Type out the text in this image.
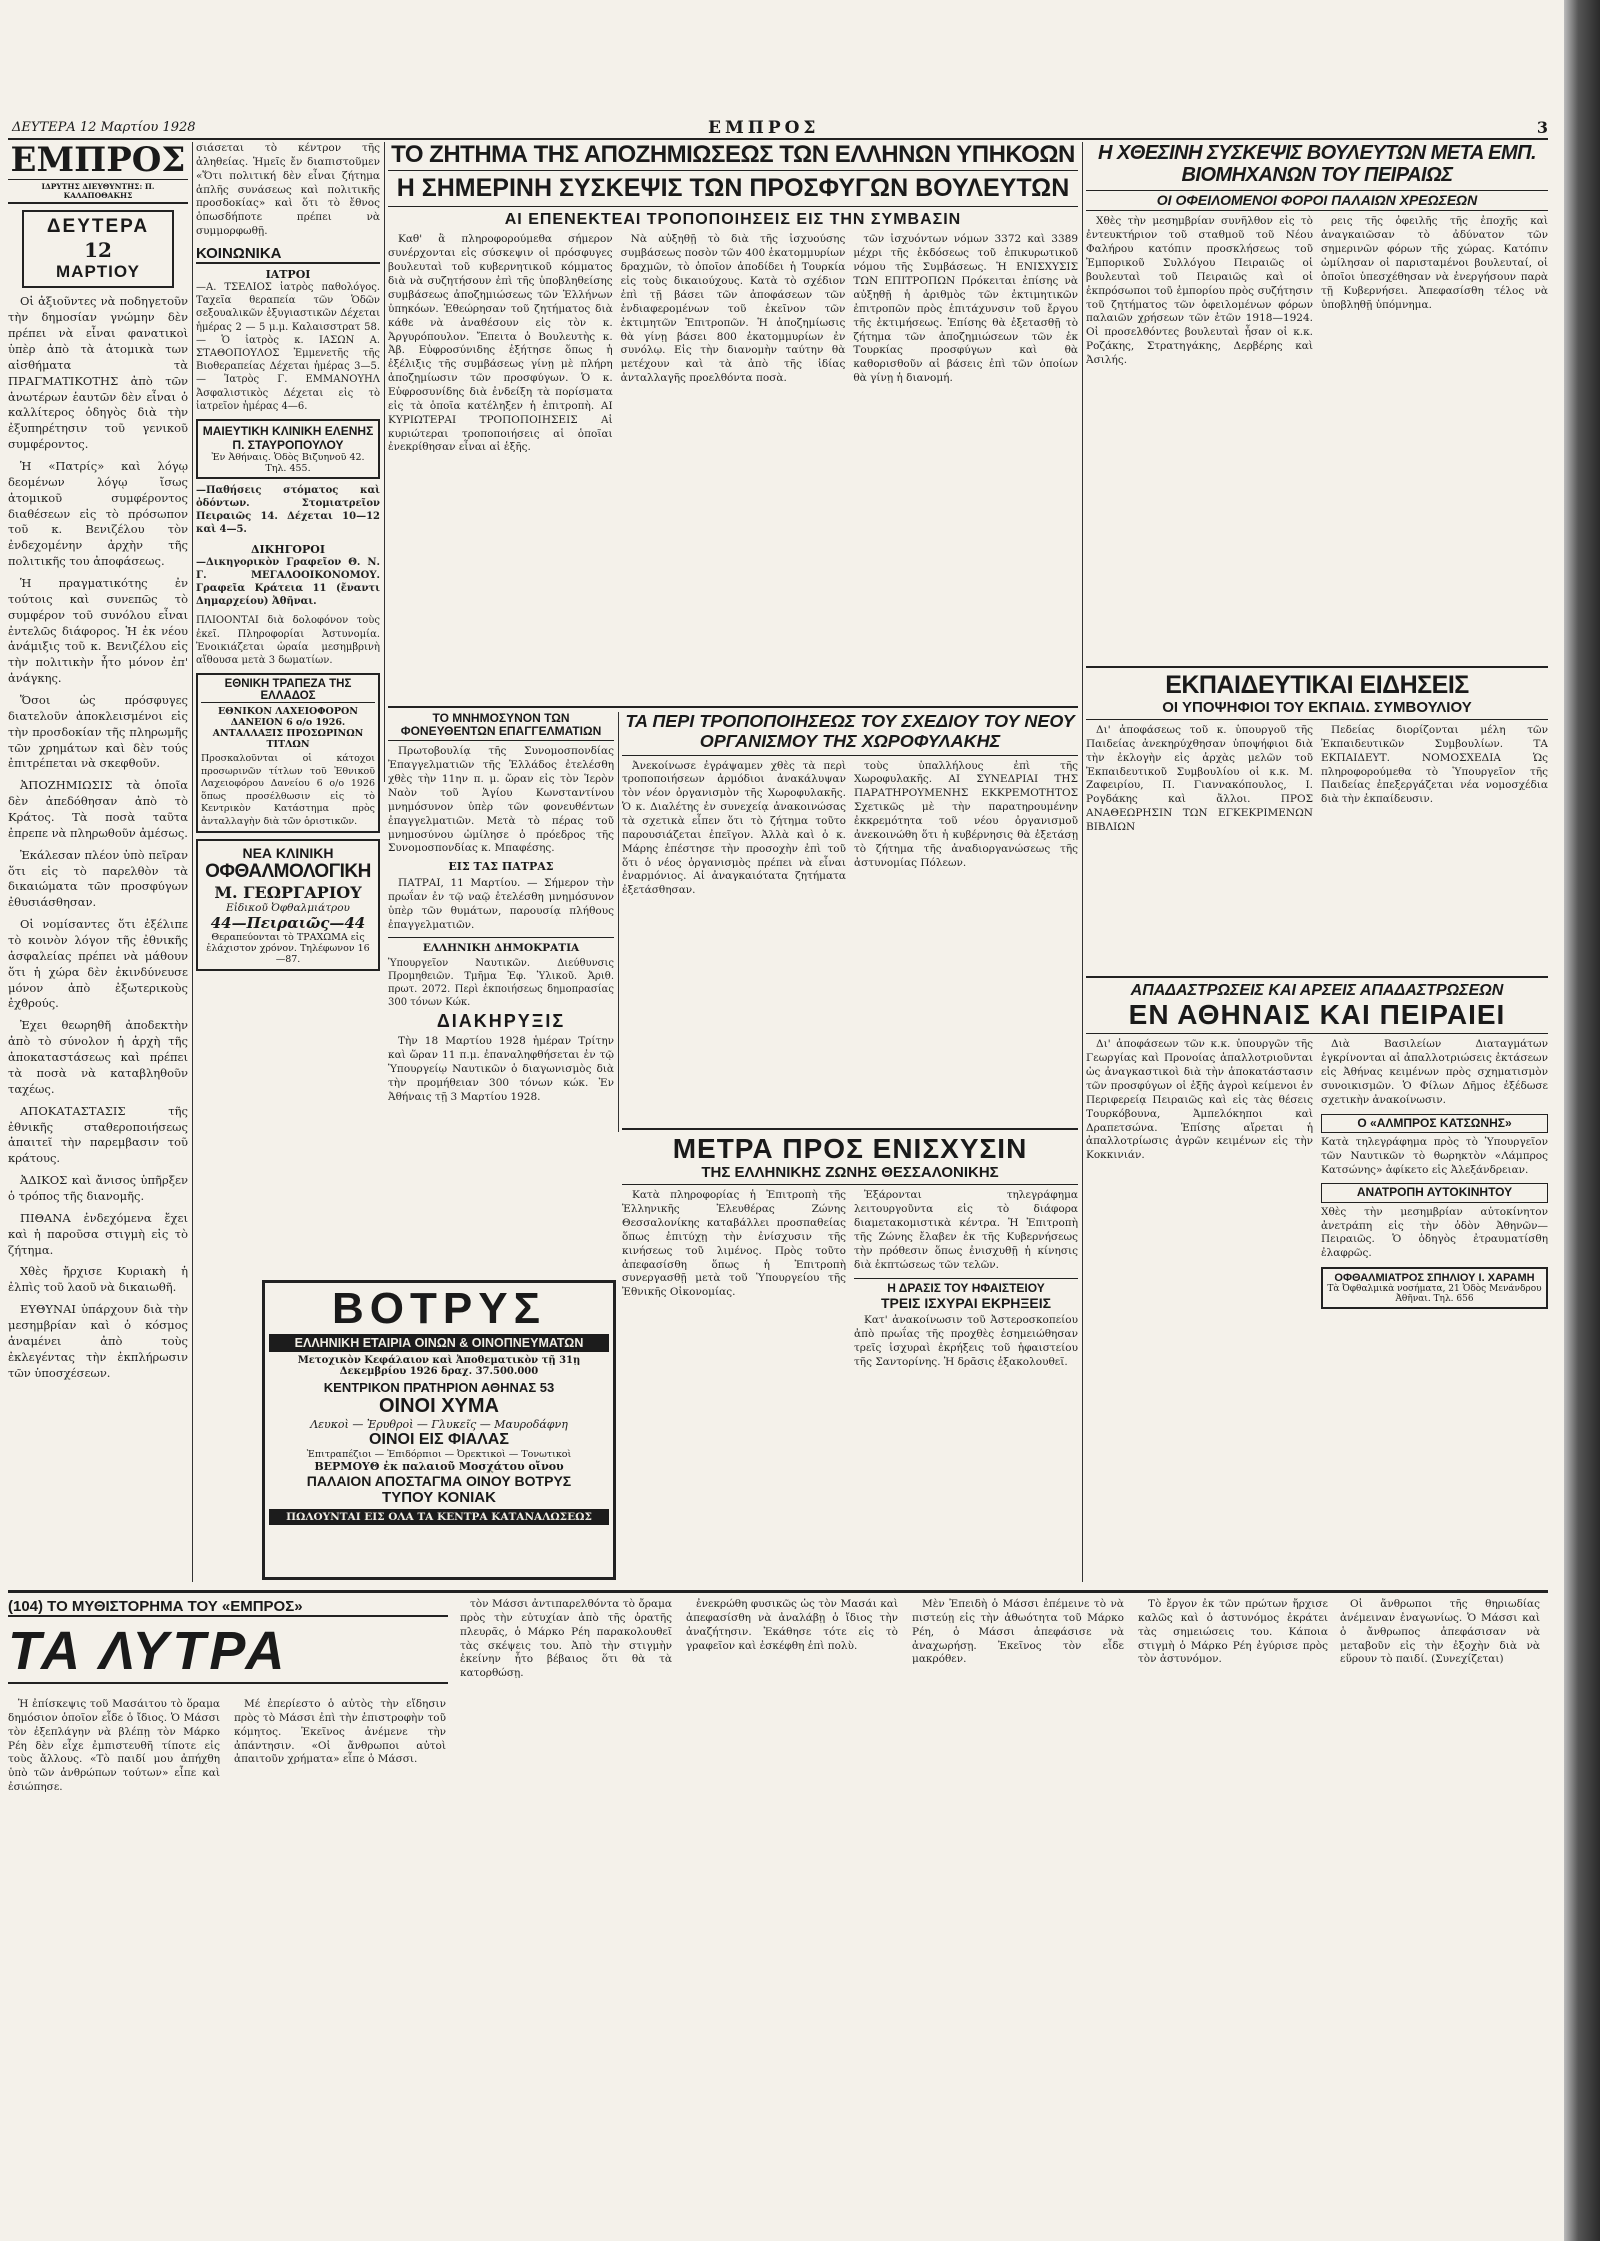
ΔΕΥΤΕΡΑ 12 Μαρτίου 1928	ΕΜΠΡΟΣ	3
ΕΜΠΡΟΣ
ΙΔΡΥΤΗΣ ΔΙΕΥΘΥΝΤΗΣ: Π. ΚΑΛΑΠΟΘΑΚΗΣ
ΔΕΥΤΕΡΑ
12
ΜΑΡΤΙΟΥ

Οἱ ἀξιοῦντες νὰ ποδηγετοῦν τὴν δημοσίαν γνώμην δὲν πρέπει νὰ εἶναι φανατικοὶ ὑπὲρ ἀπὸ τὰ ἀτομικὰ των αἰσθήματα τὰ ΠΡΑΓΜΑΤΙΚΟΤΗΣ ἀπὸ τῶν ἀνωτέρων ἑαυτῶν δὲν εἶναι ὁ καλλίτερος ὁδηγὸς διὰ τὴν ἐξυπηρέτησιν τοῦ γενικοῦ συμφέροντος.

Ἡ «Πατρίς» καὶ λόγῳ δεομένων λόγῳ ἴσως ἀτομικοῦ συμφέροντος διαθέσεων εἰς τὸ πρόσωπον τοῦ κ. Βενιζέλου τὸν ἐνδεχομένην ἀρχὴν τῆς πολιτικῆς του ἀποφάσεως.

Ἡ πραγματικότης ἐν τούτοις καὶ συνεπῶς τὸ συμφέρον τοῦ συνόλου εἶναι ἐντελῶς διάφορος. Ἡ ἐκ νέου ἀνάμιξις τοῦ κ. Βενιζέλου εἰς τὴν πολιτικὴν ἦτο μόνον ἐπ' ἀνάγκης.

Ὅσοι ὡς πρόσφυγες διατελοῦν ἀποκλεισμένοι εἰς τὴν προσδοκίαν τῆς πληρωμῆς τῶν χρημάτων καὶ δὲν τούς ἐπιτρέπεται νὰ σκεφθοῦν.

ἈΠΟΖΗΜΙΩΣΙΣ τὰ ὁποῖα δὲν ἀπεδόθησαν ἀπὸ τὸ Κράτος. Τὰ ποσὰ ταῦτα ἐπρεπε νὰ πληρωθοῦν ἀμέσως.

Ἐκάλεσαν πλέον ὑπὸ πεῖραν ὅτι εἰς τὸ παρελθὸν τὰ δικαιώματα τῶν προσφύγων ἐθυσιάσθησαν.

Οἱ νομίσαντες ὅτι ἐξέλιπε τὸ κοινὸν λόγον τῆς ἐθνικῆς ἀσφαλείας πρέπει νὰ μάθουν ὅτι ἡ χώρα δὲν ἐκινδύνευσε μόνον ἀπὸ ἐξωτερικοὺς ἐχθρούς.

Ἐχει θεωρηθῆ ἀποδεκτὴν ἀπὸ τὸ σύνολον ἡ ἀρχὴ τῆς ἀποκαταστάσεως καὶ πρέπει τὰ ποσὰ νὰ καταβληθοῦν ταχέως.

ΑΠΟΚΑΤΑΣΤΑΣΙΣ τῆς ἐθνικῆς σταθεροποιήσεως ἀπαιτεῖ τὴν παρεμβασιν τοῦ κράτους.

ἈΔΙΚΟΣ καὶ ἄνισος ὑπῆρξεν ὁ τρόπος τῆς διανομῆς.

ΠΙΘΑΝΑ ἐνδεχόμενα ἔχει καὶ ἡ παροῦσα στιγμὴ εἰς τὸ ζήτημα.

Χθὲς ἤρχισε Κυριακὴ ἡ ἐλπὶς τοῦ λαοῦ νὰ δικαιωθῆ.

ΕΥΘΥΝΑΙ ὑπάρχουν διὰ τὴν μεσημβρίαν καὶ ὁ κόσμος ἀναμένει ἀπὸ τοὺς ἐκλεγέντας τὴν ἐκπλήρωσιν τῶν ὑποσχέσεων.

σιάσεται τὸ κέντρον τῆς ἀληθείας. Ἡμεῖς ἔν διαπιστοῦμεν «Ὅτι πολιτική δὲν εἶναι ζήτημα ἁπλῆς συνάσεως καὶ πολιτικῆς προσδοκίας» καὶ ὅτι τὸ ἔθνος ὁπωσδήποτε πρέπει νὰ συμμορφωθῇ.

ΚΟΙΝΩΝΙΚΑ
ΙΑΤΡΟΙ

—Α. ΤΣΕΛΙΟΣ ἰατρὸς παθολόγος. Ταχεῖα θεραπεία τῶν Ὁδῶν σεξουαλικῶν ἐξυγιαστικῶν Δέχεται ἡμέρας 2 — 5 μ.μ. Καλαισστρατ 58. — Ὁ ἰατρὸς κ. ΙΑΣΩΝ Α. ΣΤΑΘΟΠΟΥΛΟΣ Ἐμμενετῆς τῆς Βιοθεραπείας Δέχεται ἡμέρας 3—5. — Ἰατρὸς Γ. ΕΜΜΑΝΟΥΗΛ Ἀσφαλιστικὸς Δέχεται εἰς τὸ ἰατρεῖον ἡμέρας 4—6.

ΜΑΙΕΥΤΙΚΗ ΚΛΙΝΙΚΗ ΕΛΕΝΗΣ Π. ΣΤΑΥΡΟΠΟΥΛΟΥ
Ἐν Ἀθήναις. Ὁδὸς Βιζυηνοῦ 42. Τηλ. 455.

—Παθήσεις στόματος καὶ ὀδόντων. Στομιατρεῖον Πειραιῶς 14. Δέχεται 10—12 καὶ 4—5.

ΔΙΚΗΓΟΡΟΙ

—Δικηγορικὸν Γραφεῖον Θ. Ν. Γ. ΜΕΓΑΛΟΟΙΚΟΝΟΜΟΥ. Γραφεῖα Κράτεια 11 (ἔναντι Δημαρχείου) Ἀθῆναι.

ΠΛΙΟΟΝΤΑΙ διὰ δολοφόνον τοὺς ἐκεῖ. Πληροφορίαι Ἀστυνομία. Ἐνοικιάζεται ὡραία μεσημβρινὴ αἴθουσα μετὰ 3 δωματίων.

ΕΘΝΙΚΗ ΤΡΑΠΕΖΑ ΤΗΣ ΕΛΛΑΔΟΣ
ΕΘΝΙΚΟΝ ΛΑΧΕΙΟΦΟΡΟΝ ΔΑΝΕΙΟΝ 6 ο/ο 1926. ΑΝΤΑΛΛΑΞΙΣ ΠΡΟΣΩΡΙΝΩΝ ΤΙΤΛΩΝ

Προσκαλοῦνται οἱ κάτοχοι προσωρινῶν τίτλων τοῦ Ἐθνικοῦ Λαχειοφόρου Δανείου 6 ο/ο 1926 ὅπως προσέλθωσιν εἰς τὸ Κεντρικὸν Κατάστημα πρὸς ἀνταλλαγὴν διὰ τῶν ὁριστικῶν.

ΝΕΑ ΚΛΙΝΙΚΗ
ΟΦΘΑΛΜΟΛΟΓΙΚΗ
Μ. ΓΕΩΡΓΑΡΙΟΥ
Εἰδικοῦ Ὀφθαλμιάτρου
44—Πειραιῶς—44
Θεραπεύονται τὸ ΤΡΑΧΩΜΑ εἰς ἐλάχιστον χρόνον. Τηλέφωνον 16—87.
ΤΟ ΖΗΤΗΜΑ ΤΗΣ ΑΠΟΖΗΜΙΩΣΕΩΣ ΤΩΝ ΕΛΛΗΝΩΝ ΥΠΗΚΟΩΝ
Η ΣΗΜΕΡΙΝΗ ΣΥΣΚΕΨΙΣ ΤΩΝ ΠΡΟΣΦΥΓΩΝ ΒΟΥΛΕΥΤΩΝ
ΑΙ ΕΠΕΝΕΚΤΕΑΙ ΤΡΟΠΟΠΟΙΗΣΕΙΣ ΕΙΣ ΤΗΝ ΣΥΜΒΑΣΙΝ

Καθ' ἃ πληροφορούμεθα σήμερον συνέρχονται εἰς σύσκεψιν οἱ πρόσφυγες βουλευταὶ τοῦ κυβερνητικοῦ κόμματος διὰ νὰ συζητήσουν ἐπὶ τῆς ὑποβληθείσης συμβάσεως ἀποζημιώσεως τῶν Ἑλλήνων ὑπηκόων. Ἐθεώρησαν τοῦ ζητήματος διὰ κάθε νὰ ἀναθέσουν εἰς τὸν κ. Ἀργυρόπουλον. Ἔπειτα ὁ Βουλευτὴς κ. Ἀβ. Εὐφροσύνιδης ἐξήτησε ὅπως ἡ ἐξέλιξις τῆς συμβάσεως γίνῃ μὲ πλήρη ἀποζημίωσιν τῶν προσφύγων. Ὁ κ. Εὐφροσυνίδης διὰ ἐνδείξη τὰ πορίσματα εἰς τὰ ὁποῖα κατέληξεν ἡ ἐπιτροπὴ. ΑΙ ΚΥΡΙΩΤΕΡΑΙ ΤΡΟΠΟΠΟΙΗΣΕΙΣ Αἱ κυριώτεραι τροποποιήσεις αἱ ὁποῖαι ἐνεκρίθησαν εἶναι αἱ ἑξῆς.

Νὰ αὐξηθῇ τὸ διὰ τῆς ἰσχυούσης συμβάσεως ποσὸν τῶν 400 ἑκατομμυρίων δραχμῶν, τὸ ὁποῖον ἀποδίδει ἡ Τουρκία εἰς τοὺς δικαιούχους. Κατὰ τὸ σχέδιον ἐπὶ τῇ βάσει τῶν ἀποφάσεων τῶν ἐνδιαφερομένων τοῦ ἐκεῖνον τῶν ἐκτιμητῶν Ἐπιτροπῶν. Ἡ ἀποζημίωσις θὰ γίνῃ βάσει 800 ἑκατομμυρίων ἐν συνόλῳ. Εἰς τὴν διανομὴν ταύτην θὰ μετέχουν καὶ τὰ ἀπὸ τῆς ἰδίας ἀνταλλαγῆς προελθόντα ποσὰ.

τῶν ἰσχυόντων νόμων 3372 καὶ 3389 μέχρι τῆς ἐκδόσεως τοῦ ἐπικυρωτικοῦ νόμου τῆς Συμβάσεως. Ἡ ΕΝΙΣΧΥΣΙΣ ΤΩΝ ΕΠΙΤΡΟΠΩΝ Πρόκειται ἐπίσης νὰ αὐξηθῇ ἡ ἀριθμὸς τῶν ἐκτιμητικῶν ἐπιτροπῶν πρὸς ἐπιτάχυνσιν τοῦ ἔργου τῆς ἐκτιμήσεως. Ἐπίσης θὰ ἐξετασθῇ τὸ ζήτημα τῶν ἀποζημιώσεων τῶν ἐκ Τουρκίας προσφύγων καὶ θὰ καθορισθοῦν αἱ βάσεις ἐπὶ τῶν ὁποίων θὰ γίνῃ ἡ διανομή.

Η ΧΘΕΣΙΝΗ ΣΥΣΚΕΨΙΣ ΒΟΥΛΕΥΤΩΝ ΜΕΤΑ ΕΜΠ. ΒΙΟΜΗΧΑΝΩΝ ΤΟΥ ΠΕΙΡΑΙΩΣ
ΟΙ ΟΦΕΙΛΟΜΕΝΟΙ ΦΟΡΟΙ ΠΑΛΑΙΩΝ ΧΡΕΩΣΕΩΝ

Χθὲς τὴν μεσημβρίαν συνῆλθον εἰς τὸ ἐντευκτήριον τοῦ σταθμοῦ τοῦ Νέου Φαλήρου κατόπιν προσκλήσεως τοῦ Ἐμπορικοῦ Συλλόγου Πειραιῶς οἱ βουλευταὶ τοῦ Πειραιῶς καὶ οἱ ἐκπρόσωποι τοῦ ἐμπορίου πρὸς συζήτησιν τοῦ ζητήματος τῶν ὀφειλομένων φόρων παλαιῶν χρήσεων τῶν ἐτῶν 1918—1924. Οἱ προσελθόντες βουλευταὶ ἦσαν οἱ κ.κ. Ροζάκης, Στρατηγάκης, Δερβέρης καὶ Ἀσιλής.

ρεις τῆς ὀφειλῆς τῆς ἐποχῆς καὶ ἀναγκαιῶσαν τὸ ἀδύνατον τῶν σημερινῶν φόρων τῆς χώρας. Κατόπιν ὡμίλησαν οἱ παρισταμένοι βουλευταί, οἱ ὁποῖοι ὑπεσχέθησαν νὰ ἐνεργήσουν παρὰ τῇ Κυβερνήσει. Ἀπεφασίσθη τέλος νὰ ὑποβληθῇ ὑπόμνημα.

ΕΚΠΑΙΔΕΥΤΙΚΑΙ ΕΙΔΗΣΕΙΣ
ΟΙ ΥΠΟΨΗΦΙΟΙ ΤΟΥ ΕΚΠΑΙΔ. ΣΥΜΒΟΥΛΙΟΥ

Δι' ἀποφάσεως τοῦ κ. ὑπουργοῦ τῆς Παιδείας ἀνεκηρύχθησαν ὑποψήφιοι διὰ τὴν ἐκλογὴν εἰς ἀρχὰς μελῶν τοῦ Ἐκπαιδευτικοῦ Συμβουλίου οἱ κ.κ. Μ. Ζαφειρίου, Π. Γιαννακόπουλος, Ι. Ρογδάκης καὶ ἄλλοι. ΠΡΟΣ ΑΝΑΘΕΩΡΗΣΙΝ ΤΩΝ ΕΓΚΕΚΡΙΜΕΝΩΝ ΒΙΒΛΙΩΝ

Πεδείας διορίζονται μέλη τῶν Ἐκπαιδευτικῶν Συμβουλίων. ΤΑ ΕΚΠΑΙΔΕΥΤ. ΝΟΜΟΣΧΕΔΙΑ Ὡς πληροφορούμεθα τὸ Ὑπουργεῖον τῆς Παιδείας ἐπεξεργάζεται νέα νομοσχέδια διὰ τὴν ἐκπαίδευσιν.

ΑΠΑΔΑΣΤΡΩΣΕΙΣ ΚΑΙ ΑΡΣΕΙΣ ΑΠΑΔΑΣΤΡΩΣΕΩΝ
ΕΝ ΑΘΗΝΑΙΣ ΚΑΙ ΠΕΙΡΑΙΕΙ

Δι' ἀποφάσεων τῶν κ.κ. ὑπουργῶν τῆς Γεωργίας καὶ Προνοίας ἀπαλλοτριοῦνται ὡς ἀναγκαστικοὶ διὰ τὴν ἀποκατάστασιν τῶν προσφύγων οἱ ἑξῆς ἀγροὶ κείμενοι ἐν Περιφερείᾳ Πειραιῶς καὶ εἰς τὰς θέσεις Τουρκόβουνα, Ἀμπελόκηποι καὶ Δραπετσώνα. Ἐπίσης αἴρεται ἡ ἀπαλλοτρίωσις ἀγρῶν κειμένων εἰς τὴν Κοκκινιάν.

Διὰ Βασιλείων Διαταγμάτων ἐγκρίνονται αἱ ἀπαλλοτριώσεις ἐκτάσεων εἰς Ἀθήνας κειμένων πρὸς σχηματισμὸν συνοικισμῶν. Ὁ Φίλων Δῆμος ἐξέδωσε σχετικὴν ἀνακοίνωσιν.

Ο «ΑΛΜΠΡΟΣ ΚΑΤΣΩΝΗΣ»

Κατὰ τηλεγράφημα πρὸς τὸ Ὑπουργεῖον τῶν Ναυτικῶν τὸ θωρηκτὸν «Λάμπρος Κατσώνης» ἀφίκετο εἰς Ἀλεξάνδρειαν.

ΑΝΑΤΡΟΠΗ ΑΥΤΟΚΙΝΗΤΟΥ

Χθὲς τὴν μεσημβρίαν αὐτοκίνητον ἀνετράπη εἰς τὴν ὁδὸν Ἀθηνῶν—Πειραιῶς. Ὁ ὁδηγὸς ἐτραυματίσθη ἐλαφρῶς.

ΟΦΘΑΛΜΙΑΤΡΟΣ ΣΠΗΛΙΟΥ Ι. ΧΑΡΑΜΗ
Τὰ Ὀφθαλμικὰ νοσήματα, 21 Ὁδὸς Μενάνδρου Ἀθῆναι. Τηλ. 656
ΤΟ ΜΝΗΜΟΣΥΝΟΝ ΤΩΝ ΦΟΝΕΥΘΕΝΤΩΝ ΕΠΑΓΓΕΛΜΑΤΙΩΝ

Πρωτοβουλίᾳ τῆς Συνομοσπονδίας Ἐπαγγελματιῶν τῆς Ἑλλάδος ἐτελέσθη χθὲς τὴν 11ην π. μ. ὥραν εἰς τὸν Ἱερὸν Ναὸν τοῦ Ἁγίου Κωνσταντίνου μνημόσυνον ὑπὲρ τῶν φονευθέντων ἐπαγγελματιῶν. Μετὰ τὸ πέρας τοῦ μνημοσύνου ὡμίλησε ὁ πρόεδρος τῆς Συνομοσπονδίας κ. Μπαφέσης.

ΕΙΣ ΤΑΣ ΠΑΤΡΑΣ

ΠΑΤΡΑΙ, 11 Μαρτίου. — Σήμερον τὴν πρωΐαν ἐν τῷ ναῷ ἐτελέσθη μνημόσυνον ὑπὲρ τῶν θυμάτων, παρουσίᾳ πλήθους ἐπαγγελματιῶν.

ΕΛΛΗΝΙΚΗ ΔΗΜΟΚΡΑΤΙΑ

Ὑπουργεῖον Ναυτικῶν. Διεύθυνσις Προμηθειῶν. Τμῆμα Ἐφ. Ὑλικοῦ. Ἀριθ. πρωτ. 2072. Περὶ ἐκποιήσεως δημοπρασίας 300 τόνων Κώκ.

ΔΙΑΚΗΡΥΞΙΣ

Τὴν 18 Μαρτίου 1928 ἡμέραν Τρίτην καὶ ὥραν 11 π.μ. ἐπαναληφθήσεται ἐν τῷ Ὑπουργείῳ Ναυτικῶν ὁ διαγωνισμὸς διὰ τὴν προμήθειαν 300 τόνων κώκ. Ἐν Ἀθήναις τῇ 3 Μαρτίου 1928.

ΤΑ ΠΕΡΙ ΤΡΟΠΟΠΟΙΗΣΕΩΣ ΤΟΥ ΣΧΕΔΙΟΥ ΤΟΥ ΝΕΟΥ ΟΡΓΑΝΙΣΜΟΥ ΤΗΣ ΧΩΡΟΦΥΛΑΚΗΣ

Ἀνεκοίνωσε ἐγράψαμεν χθὲς τὰ περὶ τροποποιήσεων ἀρμόδιοι ἀνακάλυψαν τὸν νέον ὀργανισμὸν τῆς Χωροφυλακῆς. Ὁ κ. Διαλέτης ἐν συνεχείᾳ ἀνακοινώσας τὰ σχετικὰ εἶπεν ὅτι τὸ ζήτημα τοῦτο παρουσιάζεται ἐπεῖγον. Ἀλλὰ καὶ ὁ κ. Μάρης ἐπέστησε τὴν προσοχὴν ἐπὶ τοῦ ὅτι ὁ νέος ὀργανισμὸς πρέπει νὰ εἶναι ἐναρμόνιος. Αἱ ἀναγκαιότατα ζητήματα ἐξετάσθησαν.

τοὺς ὑπαλλήλους ἐπὶ τῆς Χωροφυλακῆς. ΑΙ ΣΥΝΕΔΡΙΑΙ ΤΗΣ ΠΑΡΑΤΗΡΟΥΜΕΝΗΣ ΕΚΚΡΕΜΟΤΗΤΟΣ Σχετικῶς μὲ τὴν παρατηρουμένην ἐκκρεμότητα τοῦ νέου ὀργανισμοῦ ἀνεκοινώθη ὅτι ἡ κυβέρνησις θὰ ἐξετάσῃ τὸ ζήτημα τῆς ἀναδιοργανώσεως τῆς ἀστυνομίας Πόλεων.

ΜΕΤΡΑ ΠΡΟΣ ΕΝΙΣΧΥΣΙΝ
ΤΗΣ ΕΛΛΗΝΙΚΗΣ ΖΩΝΗΣ ΘΕΣΣΑΛΟΝΙΚΗΣ

Κατὰ πληροφορίας ἡ Ἐπιτροπὴ τῆς Ἑλληνικῆς Ἐλευθέρας Ζώνης Θεσσαλονίκης καταβάλλει προσπαθείας ὅπως ἐπιτύχῃ τὴν ἐνίσχυσιν τῆς κινήσεως τοῦ λιμένος. Πρὸς τοῦτο ἀπεφασίσθη ὅπως ἡ Ἐπιτροπὴ συνεργασθῇ μετὰ τοῦ Ὑπουργείου τῆς Ἐθνικῆς Οἰκονομίας.

Ἐξάρονται τηλεγράφημα λειτουργοῦντα εἰς τὸ διάφορα διαμετακομιστικὰ κέντρα. Ἡ Ἐπιτροπὴ τῆς Ζώνης ἔλαβεν ἐκ τῆς Κυβερνήσεως τὴν πρόθεσιν ὅπως ἐνισχυθῇ ἡ κίνησις διὰ ἐκπτώσεως τῶν τελῶν.

Η ΔΡΑΣΙΣ ΤΟΥ ΗΦΑΙΣΤΕΙΟΥ
ΤΡΕΙΣ ΙΣΧΥΡΑΙ ΕΚΡΗΞΕΙΣ

Κατ' ἀνακοίνωσιν τοῦ Ἀστεροσκοπείου ἀπὸ πρωΐας τῆς προχθὲς ἐσημειώθησαν τρεῖς ἰσχυραὶ ἐκρήξεις τοῦ ἡφαιστείου τῆς Σαντορίνης. Ἡ δρᾶσις ἐξακολουθεῖ.

ΒΟΤΡΥΣ
ΕΛΛΗΝΙΚΗ ΕΤΑΙΡΙΑ ΟΙΝΩΝ & ΟΙΝΟΠΝΕΥΜΑΤΩΝ
Μετοχικὸν Κεφάλαιον καὶ Ἀποθεματικὸν τῇ 31ῃ Δεκεμβρίου 1926 δραχ. 37.500.000
ΚΕΝΤΡΙΚΟΝ ΠΡΑΤΗΡΙΟΝ ΑΘΗΝΑΣ 53
ΟΙΝΟΙ ΧΥΜΑ
Λευκοὶ — Ἐρυθροὶ — Γλυκεῖς — Μαυροδάφνη
ΟΙΝΟΙ ΕΙΣ ΦΙΑΛΑΣ
Ἐπιτραπέζιοι — Ἐπιδόρπιοι — Ὀρεκτικοὶ — Τονωτικοὶ
ΒΕΡΜΟΥΘ ἐκ παλαιοῦ Μοσχάτου οἴνου
ΠΑΛΑΙΟΝ ΑΠΟΣΤΑΓΜΑ ΟΙΝΟΥ ΒΟΤΡΥΣ
ΤΥΠΟΥ ΚΟΝΙΑΚ
ΠΩΛΟΥΝΤΑΙ ΕΙΣ ΟΛΑ ΤΑ ΚΕΝΤΡΑ ΚΑΤΑΝΑΛΩΣΕΩΣ
(104) ΤΟ ΜΥΘΙΣΤΟΡΗΜΑ ΤΟΥ «ΕΜΠΡΟΣ»
ΤΑ ΛΥΤΡΑ

Ἡ ἐπίσκεψις τοῦ Μασάιτου τὸ ὅραμα δημόσιον ὁποῖον εἶδε ὁ ἴδιος. Ὁ Μάσσι τὸν ἐξεπλάγην νὰ βλέπῃ τὸν Μάρκο Ρέη δὲν εἶχε ἐμπιστευθῆ τίποτε εἰς τοὺς ἄλλους. «Τὸ παιδί μου ἀπήχθη ὑπὸ τῶν ἀνθρώπων τούτων» εἶπε καὶ ἐσιώπησε.

Μέ ἐπερίεστο ὁ αὐτὸς τὴν εἴδησιν πρὸς τὸ Μάσσι ἐπὶ τὴν ἐπιστροφὴν τοῦ κόμητος. Ἐκεῖνος ἀνέμενε τὴν ἀπάντησιν. «Οἱ ἄνθρωποι αὐτοὶ ἀπαιτοῦν χρήματα» εἶπε ὁ Μάσσι.

τὸν Μάσσι ἀντιπαρελθόντα τὸ ὄραμα πρὸς τὴν εὐτυχίαν ἀπὸ τῆς ὁρατῆς πλευρᾶς, ὁ Μάρκο Ρέη παρακολουθεῖ τὰς σκέψεις του. Ἀπὸ τὴν στιγμὴν ἐκείνην ἦτο βέβαιος ὅτι θὰ τὰ κατορθώσῃ.

ἐνεκρώθη φυσικῶς ὡς τὸν Μασάι καὶ ἀπεφασίσθη νὰ ἀναλάβῃ ὁ ἴδιος τὴν ἀναζήτησιν. Ἐκάθησε τότε εἰς τὸ γραφεῖον καὶ ἐσκέφθη ἐπὶ πολὺ.

Μὲν Ἐπειδὴ ὁ Μάσσι ἐπέμεινε τὸ νὰ πιστεύῃ εἰς τὴν ἀθωότητα τοῦ Μάρκο Ρέη, ὁ Μάσσι ἀπεφάσισε νὰ ἀναχωρήσῃ. Ἐκεῖνος τὸν εἶδε μακρόθεν.

Τὸ ἔργον ἐκ τῶν πρώτων ἤρχισε καλῶς καὶ ὁ ἀστυνόμος ἐκράτει τὰς σημειώσεις του. Κάποια στιγμὴ ὁ Μάρκο Ρέη ἐγύρισε πρὸς τὸν ἀστυνόμον.

Οἱ ἄνθρωποι τῆς θηριωδίας ἀνέμειναν ἐναγωνίως. Ὁ Μάσσι καὶ ὁ ἄνθρωπος ἀπεφάσισαν νὰ μεταβοῦν εἰς τὴν ἐξοχὴν διὰ νὰ εὕρουν τὸ παιδί. (Συνεχίζεται)
